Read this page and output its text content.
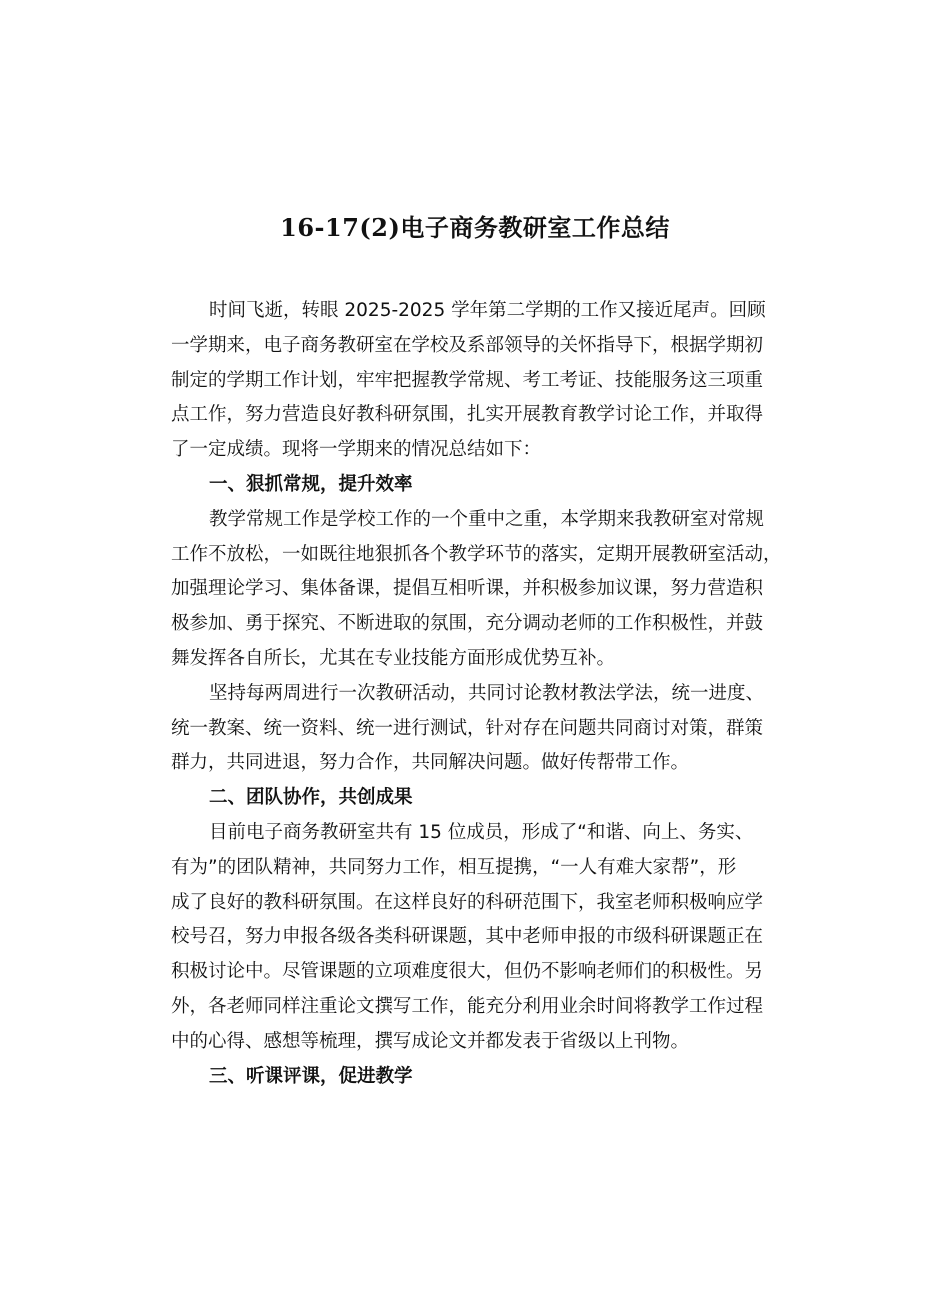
16-17(2)电子商务教研室工作总结
时间飞逝，转眼 2025-2025 学年第二学期的工作又接近尾声。回顾
一学期来，电子商务教研室在学校及系部领导的关怀指导下，根据学期初
制定的学期工作计划，牢牢把握教学常规、考工考证、技能服务这三项重
点工作，努力营造良好教科研氛围，扎实开展教育教学讨论工作，并取得
了一定成绩。现将一学期来的情况总结如下：
一、狠抓常规，提升效率
教学常规工作是学校工作的一个重中之重，本学期来我教研室对常规
工作不放松，一如既往地狠抓各个教学环节的落实，定期开展教研室活动，
加强理论学习、集体备课，提倡互相听课，并积极参加议课，努力营造积
极参加、勇于探究、不断进取的氛围，充分调动老师的工作积极性，并鼓
舞发挥各自所长，尤其在专业技能方面形成优势互补。
坚持每两周进行一次教研活动，共同讨论教材教法学法，统一进度、
统一教案、统一资料、统一进行测试，针对存在问题共同商讨对策，群策
群力，共同进退，努力合作，共同解决问题。做好传帮带工作。
二、团队协作，共创成果
目前电子商务教研室共有 15 位成员，形成了“和谐、向上、务实、
有为”的团队精神，共同努力工作，相互提携，“一人有难大家帮”，形
成了良好的教科研氛围。在这样良好的科研范围下，我室老师积极响应学
校号召，努力申报各级各类科研课题，其中老师申报的市级科研课题正在
积极讨论中。尽管课题的立项难度很大，但仍不影响老师们的积极性。另
外，各老师同样注重论文撰写工作，能充分利用业余时间将教学工作过程
中的心得、感想等梳理，撰写成论文并都发表于省级以上刊物。
三、听课评课，促进教学
